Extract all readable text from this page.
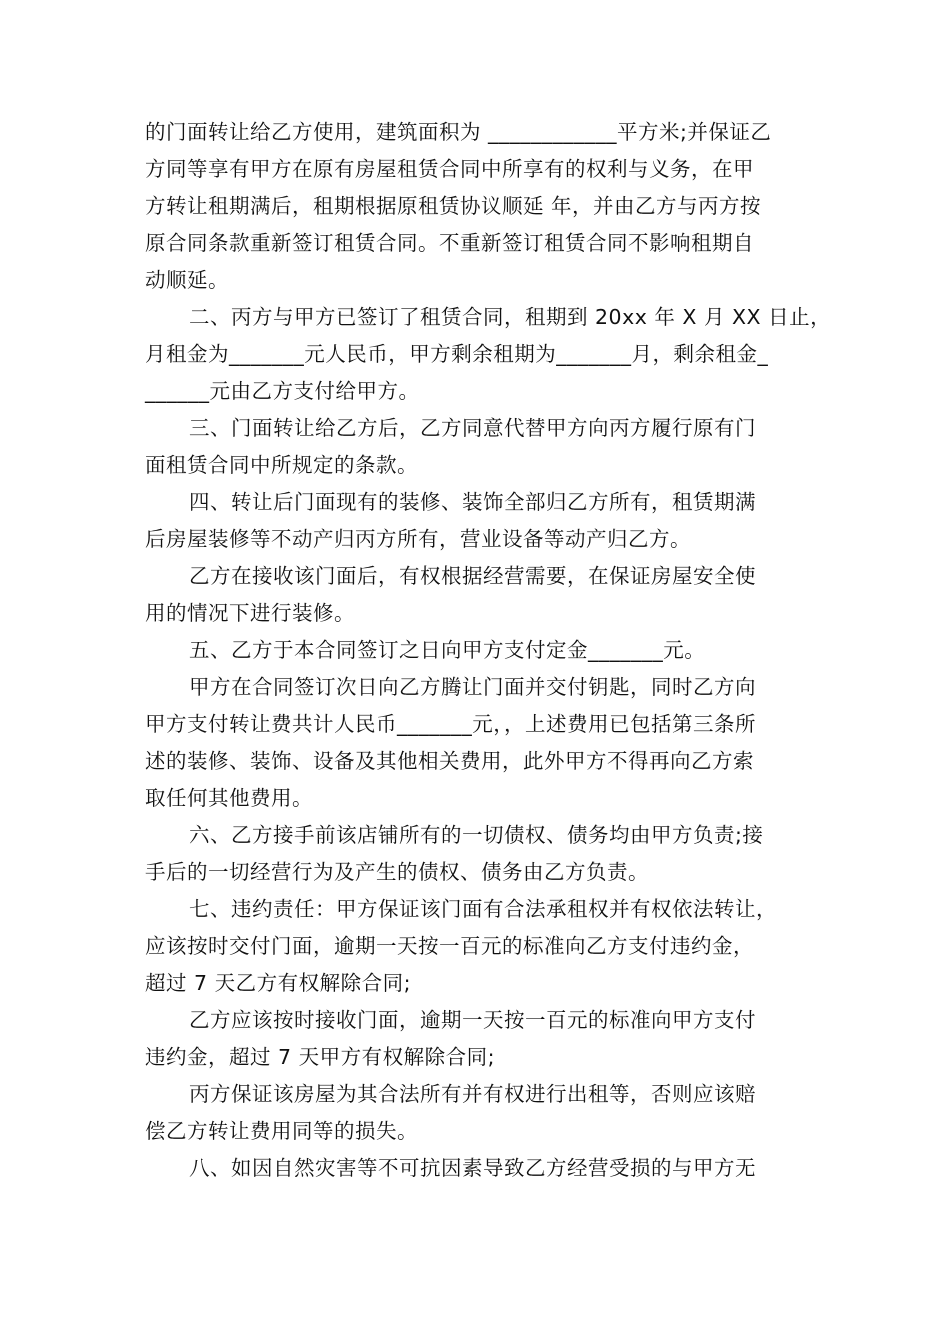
的门面转让给乙方使用，建筑面积为 ____________平方米;并保证乙
方同等享有甲方在原有房屋租赁合同中所享有的权利与义务，在甲
方转让租期满后，租期根据原租赁协议顺延 年，并由乙方与丙方按
原合同条款重新签订租赁合同。不重新签订租赁合同不影响租期自
动顺延。
二、丙方与甲方已签订了租赁合同，租期到 20xx 年 X 月 XX 日止，
月租金为_______元人民币，甲方剩余租期为_______月，剩余租金_
______元由乙方支付给甲方。
三、门面转让给乙方后，乙方同意代替甲方向丙方履行原有门
面租赁合同中所规定的条款。
四、转让后门面现有的装修、装饰全部归乙方所有，租赁期满
后房屋装修等不动产归丙方所有，营业设备等动产归乙方。
乙方在接收该门面后，有权根据经营需要，在保证房屋安全使
用的情况下进行装修。
五、乙方于本合同签订之日向甲方支付定金_______元。
甲方在合同签订次日向乙方腾让门面并交付钥匙，同时乙方向
甲方支付转让费共计人民币_______元，，上述费用已包括第三条所
述的装修、装饰、设备及其他相关费用，此外甲方不得再向乙方索
取任何其他费用。
六、乙方接手前该店铺所有的一切债权、债务均由甲方负责;接
手后的一切经营行为及产生的债权、债务由乙方负责。
七、违约责任：甲方保证该门面有合法承租权并有权依法转让，
应该按时交付门面，逾期一天按一百元的标准向乙方支付违约金，
超过 7 天乙方有权解除合同;
乙方应该按时接收门面，逾期一天按一百元的标准向甲方支付
违约金，超过 7 天甲方有权解除合同;
丙方保证该房屋为其合法所有并有权进行出租等，否则应该赔
偿乙方转让费用同等的损失。
八、如因自然灾害等不可抗因素导致乙方经营受损的与甲方无
